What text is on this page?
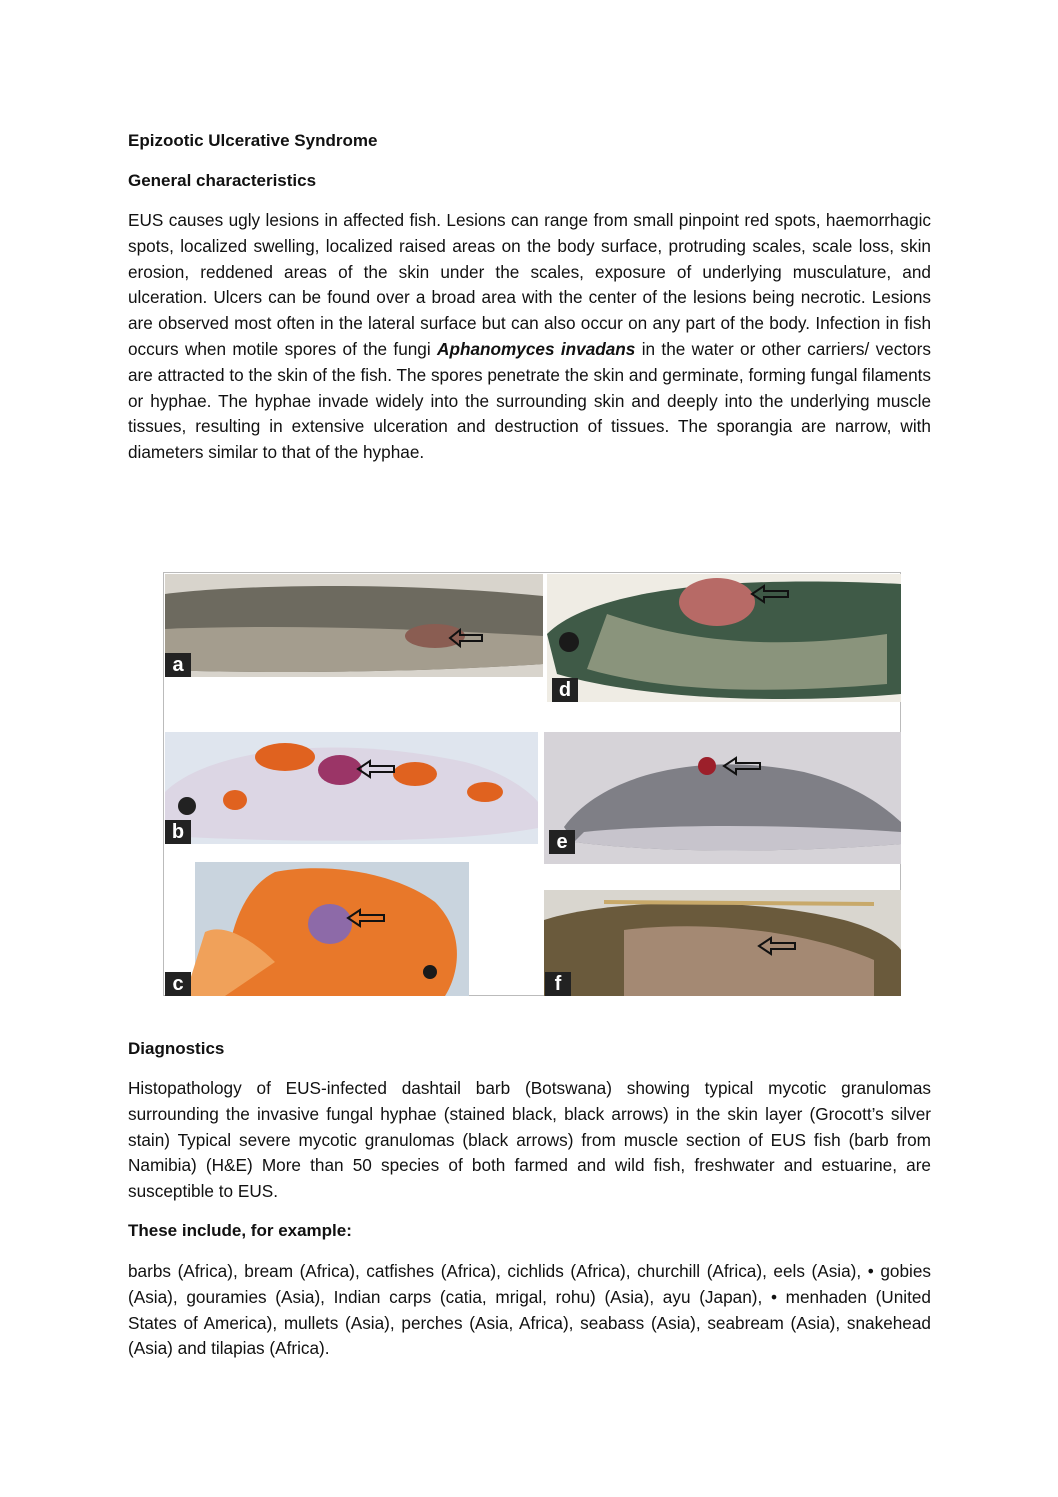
Epizootic Ulcerative Syndrome
General characteristics

EUS causes ugly lesions in affected fish. Lesions can range from small pinpoint red spots, haemorrhagic spots, localized swelling, localized raised areas on the body surface, protruding scales, scale loss, skin erosion, reddened areas of the skin under the scales, exposure of underlying musculature, and ulceration. Ulcers can be found over a broad area with the center of the lesions being necrotic. Lesions are observed most often in the lateral surface but can also occur on any part of the body. Infection in fish occurs when motile spores of the fungi Aphanomyces invadans in the water or other carriers/ vectors are attracted to the skin of the fish. The spores penetrate the skin and germinate, forming fungal filaments or hyphae. The hyphae invade widely into the surrounding skin and deeply into the underlying muscle tissues, resulting in extensive ulceration and destruction of tissues. The sporangia are narrow, with diameters similar to that of the hyphae.

a
d
b	e
c	f
Diagnostics

Histopathology of EUS-infected dashtail barb (Botswana) showing typical mycotic granulomas surrounding the invasive fungal hyphae (stained black, black arrows) in the skin layer (Grocott’s silver stain) Typical severe mycotic granulomas (black arrows) from muscle section of EUS fish (barb from Namibia) (H&E) More than 50 species of both farmed and wild fish, freshwater and estuarine, are susceptible to EUS.

These include, for example:

barbs (Africa), bream (Africa), catfishes (Africa), cichlids (Africa), churchill (Africa), eels (Asia), • gobies (Asia), gouramies (Asia), Indian carps (catia, mrigal, rohu) (Asia), ayu (Japan), • menhaden (United States of America), mullets (Asia), perches (Asia, Africa), seabass (Asia), seabream (Asia), snakehead (Asia) and tilapias (Africa).
